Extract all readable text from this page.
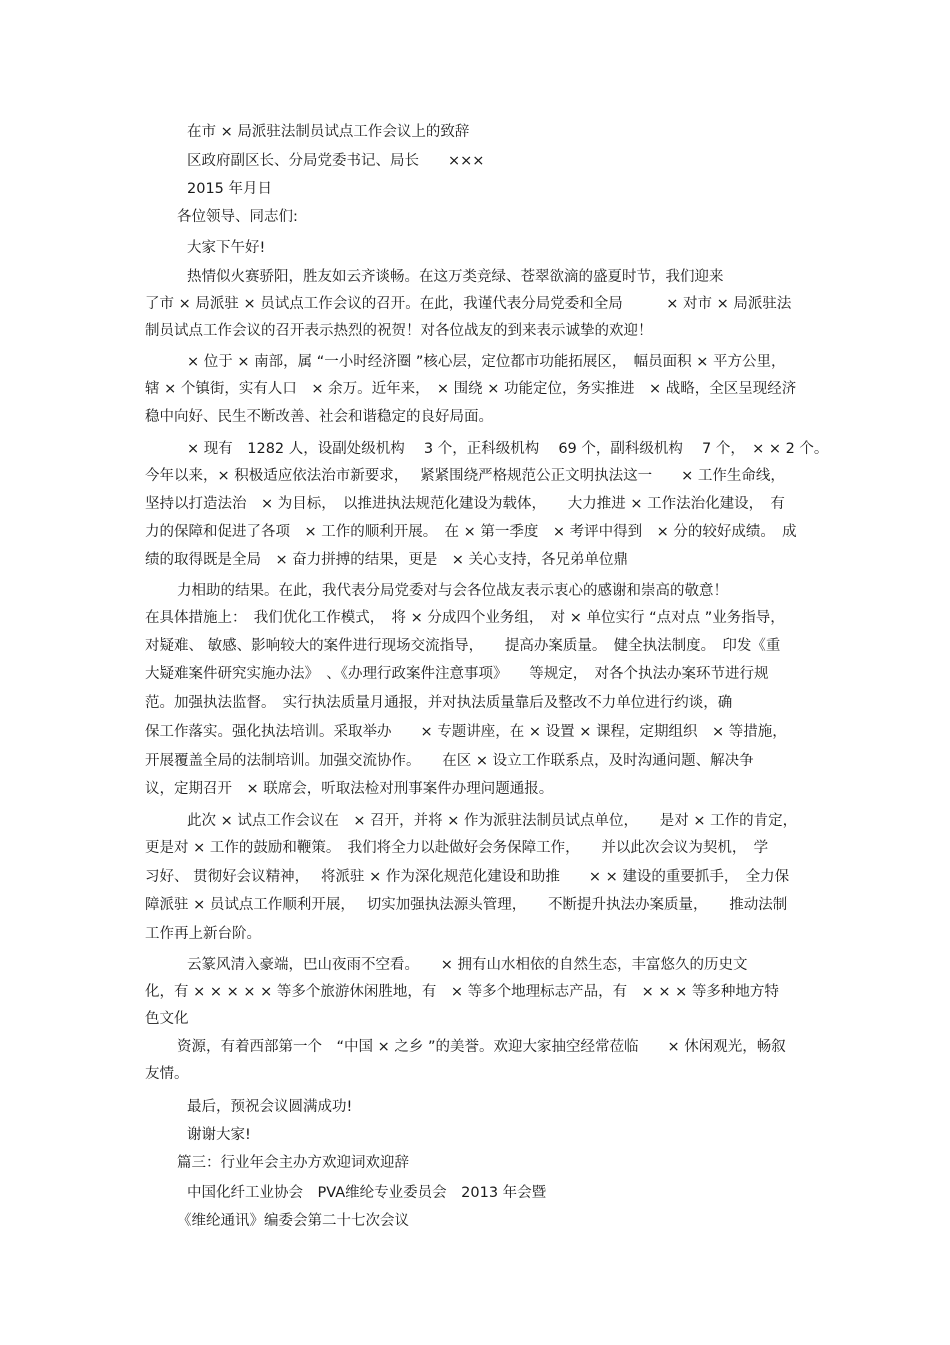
在市 × 局派驻法制员试点工作会议上的致辞
区政府副区长、分局党委书记、局长　　×××
2015 年月日
各位领导、同志们:
大家下午好!
热情似火赛骄阳，胜友如云齐谈畅。在这万类竞绿、苍翠欲滴的盛夏时节，我们迎来
了市 × 局派驻 × 员试点工作会议的召开。在此，我谨代表分局党委和全局　　　× 对市 × 局派驻法
制员试点工作会议的召开表示热烈的祝贺！对各位战友的到来表示诚挚的欢迎！
× 位于 × 南部，属 “一小时经济圈 ”核心层，定位都市功能拓展区，　幅员面积 × 平方公里，
辖 × 个镇街，实有人口　× 余万。近年来，　× 围绕 × 功能定位，务实推进　× 战略，全区呈现经济
稳中向好、民生不断改善、社会和谐稳定的良好局面。
× 现有　1282 人，设副处级机构　 3 个，正科级机构　 69 个，副科级机构　 7 个，　× × 2 个。
今年以来，× 积极适应依法治市新要求，　 紧紧围绕严格规范公正文明执法这一　　× 工作生命线，
坚持以打造法治　× 为目标，　以推进执法规范化建设为载体，　　大力推进 × 工作法治化建设，　有
力的保障和促进了各项　× 工作的顺利开展。　在 × 第一季度　× 考评中得到　× 分的较好成绩。　成
绩的取得既是全局　× 奋力拼搏的结果，更是　× 关心支持，各兄弟单位鼎
力相助的结果。在此，我代表分局党委对与会各位战友表示衷心的感谢和崇高的敬意！
在具体措施上：　我们优化工作模式，　将 × 分成四个业务组，　对 × 单位实行 “点对点 ”业务指导，
对疑难、 敏感、影响较大的案件进行现场交流指导，　　提高办案质量。　健全执法制度。　印发《重
大疑难案件研究实施办法》　、《办理行政案件注意事项》　　等规定，　对各个执法办案环节进行规
范。加强执法监督。　实行执法质量月通报，并对执法质量靠后及整改不力单位进行约谈，确
保工作落实。强化执法培训。采取举办　　× 专题讲座，在 × 设置 × 课程，定期组织　× 等措施，
开展覆盖全局的法制培训。加强交流协作。　　在区 × 设立工作联系点，及时沟通问题、解决争
议，定期召开　× 联席会，听取法检对刑事案件办理问题通报。
此次 × 试点工作会议在　× 召开，并将 × 作为派驻法制员试点单位，　　是对 × 工作的肯定，
更是对 × 工作的鼓励和鞭策。　我们将全力以赴做好会务保障工作，　　并以此次会议为契机，　学
习好、 贯彻好会议精神，　 将派驻 × 作为深化规范化建设和助推　　× × 建设的重要抓手，　全力保
障派驻 × 员试点工作顺利开展，　 切实加强执法源头管理，　　不断提升执法办案质量，　　推动法制
工作再上新台阶。
云篆风清入豪端，巴山夜雨不空看。　　× 拥有山水相依的自然生态，丰富悠久的历史文
化，有 × × × × × 等多个旅游休闲胜地，有　× 等多个地理标志产品，有　× × × 等多种地方特
色文化
资源，有着西部第一个　“中国 × 之乡 ”的美誉。欢迎大家抽空经常莅临　　× 休闲观光，畅叙
友情。
最后，预祝会议圆满成功!
谢谢大家!
篇三：行业年会主办方欢迎词欢迎辞
中国化纤工业协会　PVA维纶专业委员会　2013 年会暨
《维纶通讯》编委会第二十七次会议
